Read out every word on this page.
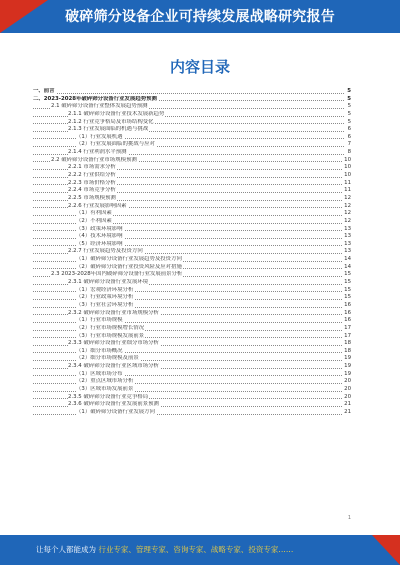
破碎筛分设备企业可持续发展战略研究报告
内容目录
一、前言	5
二、2023-2028年破碎筛分设备行业发展趋势预测	5
2.1 破碎筛分设备行业整体发展趋势预测	5
2.1.1 破碎筛分设备行业技术发展新趋势	5
2.1.2 行业竞争格局及市场结构变化	5
2.1.3 行业发展面临的机遇与挑战	6
（1）行业发展机遇	6
（2）行业发展面临的挑战与应对	7
2.1.4 行业利润水平预测	8
2.2 破碎筛分设备行业市场规模预测	10
2.2.1 市场需求分析	10
2.2.2 行业供给分析	10
2.2.3 市场价格分析	11
2.2.4 市场竞争分析	11
2.2.5 市场规模预测	12
2.2.6 行业发展影响因素	12
（1）有利因素	12
（2）不利因素	12
（3）政策环境影响	13
（4）技术环境影响	13
（5）经济环境影响	13
2.2.7 行业发展趋势及投资方向	13
（1）破碎筛分设备行业发展趋势及投资方向	14
（2）破碎筛分设备行业投资风险及应对措施	14
2.3 2023-2028年国内破碎筛分设备行业发展前景分析	15
2.3.1 破碎筛分设备行业发展环境	15
（1）宏观经济环境分析	15
（2）行业政策环境分析	15
（3）行业社会环境分析	16
2.3.2 破碎筛分设备行业市场规模分析	16
（1）行业市场规模	16
（2）行业市场规模增长情况	17
（3）行业市场规模发展前景	17
2.3.3 破碎筛分设备行业细分市场分析	18
（1）细分市场概况	18
（2）细分市场规模及前景	19
2.3.4 破碎筛分设备行业区域市场分析	19
（1）区域市场分布	19
（2）重点区域市场分析	20
（3）区域市场发展前景	20
2.3.5 破碎筛分设备行业竞争格局	20
2.3.6 破碎筛分设备行业发展前景预测	21
（1）破碎筛分设备行业发展方向	21
1
让每个人都能成为 行业专家、管理专家、咨询专家、战略专家、投资专家……
